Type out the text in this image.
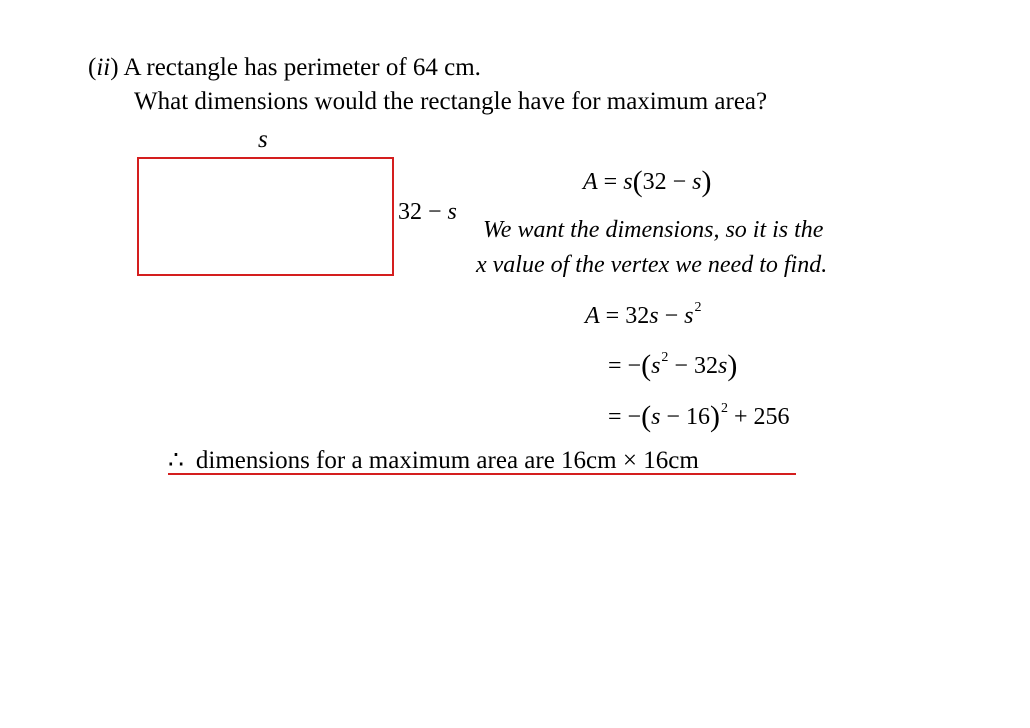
(ii) A rectangle has perimeter of 64 cm.
What dimensions would the rectangle have for maximum area?
s
32 − s
A = s(32 − s)
We want the dimensions, so it is the
x value of the vertex we need to find.
$A = 32s - s^2$
= $-(s^2 - 32s)$
= $-(s - 16)^2 + 256$
∴ dimensions for a maximum area are 16cm × 16cm
